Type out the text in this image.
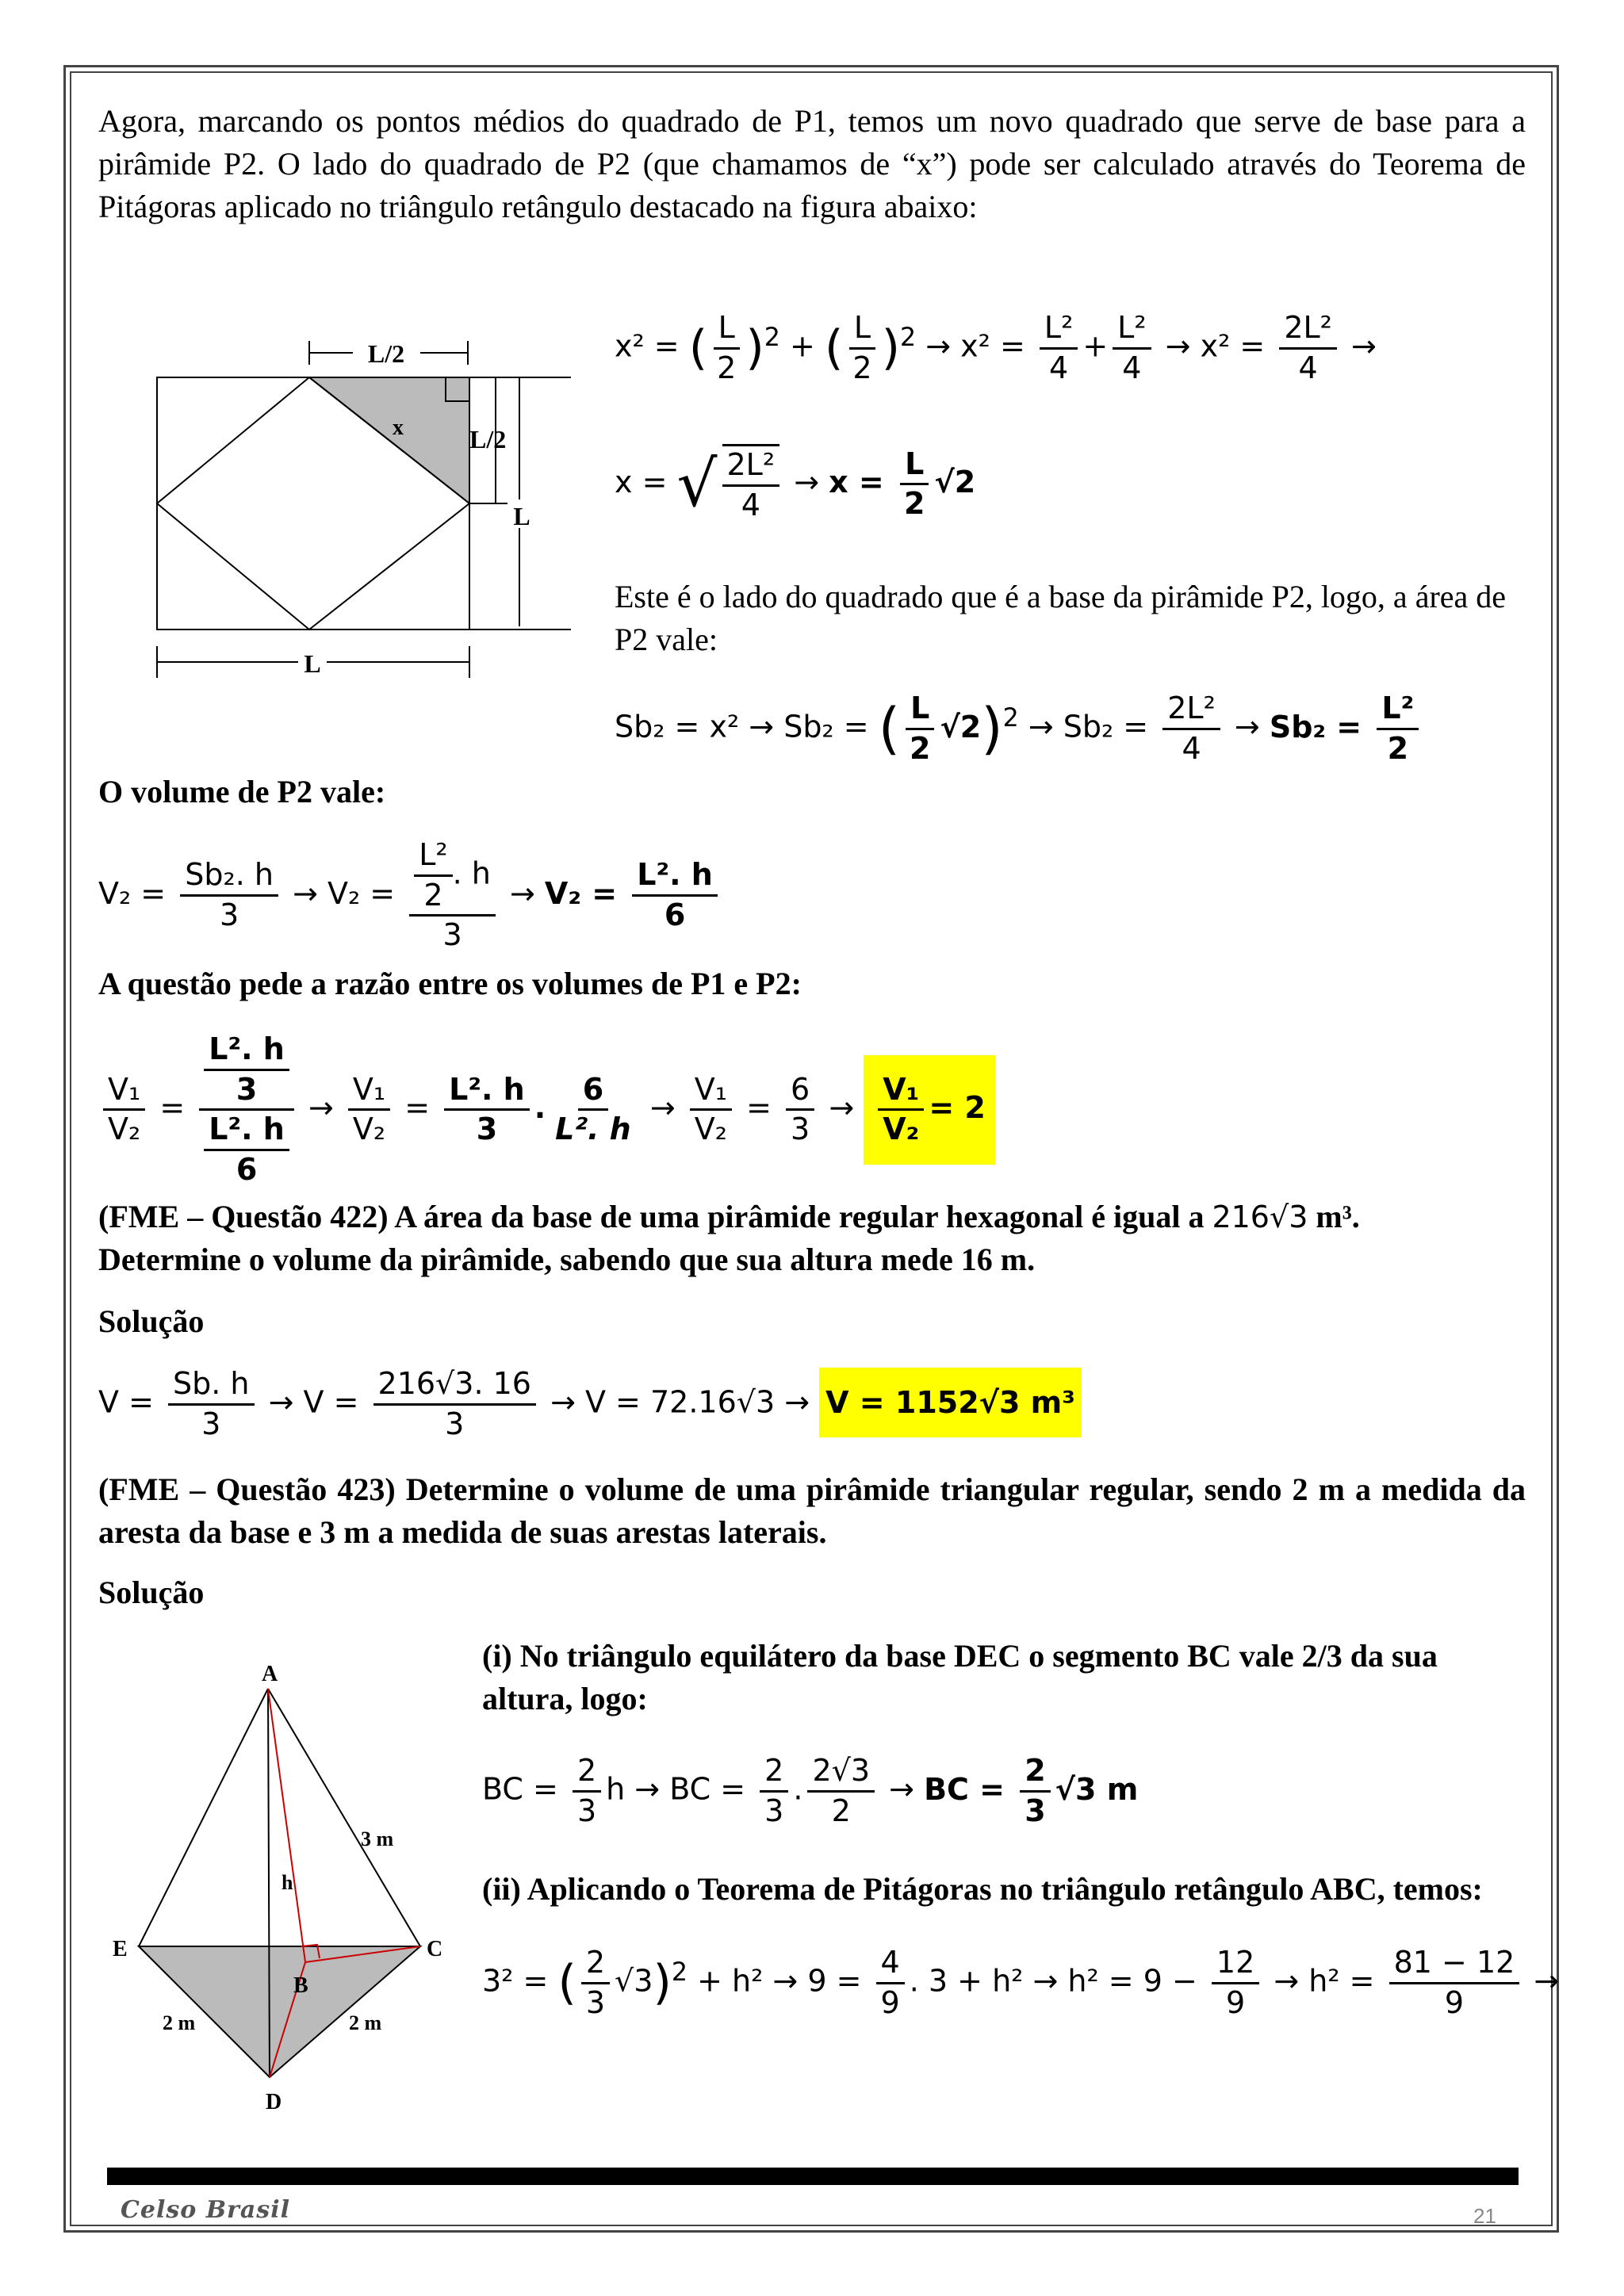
Agora, marcando os pontos médios do quadrado de P1, temos um novo quadrado que serve de base para a pirâmide P2. O lado do quadrado de P2 (que chamamos de “x”) pode ser calculado através do Teorema de Pitágoras aplicado no triângulo retângulo destacado na figura abaixo:
L/2
x	L/2
L
L
x² = ( $\frac{L}{2} )^2$ + ( $\frac{L}{2} )^2 \to x^2 = \frac{\text{L²}}{4} + \frac{\text{L²}}{4} \to x^2 = \frac{\text{2L²}}{4}$ →
x = √ $\frac{\text{2L²}}{4} \to x = \frac{L}{2} √2$
Este é o lado do quadrado que é a base da pirâmide P2, logo, a área de P2 vale:
Sb₂ = x² → Sb₂ = ( $\frac{L}{2} √2)^2 \to Sb_2 = \frac{\text{2L²}}{4} \to Sb_2 = \frac{\text{L²}}{2}$
O volume de P2 vale:
$V_2 = \frac{\text{Sb₂. h}}{3} \to V_2 = \frac{\frac{\text{L²}}{2} . h}{3} \to V_2 = \frac{\text{L². h}}{6}$
A questão pede a razão entre os volumes de P1 e P2:
$\frac{\text{V₁}}{\text{V₂}} = \frac{\frac{\text{L². h}}{3}}{\frac{\text{L². h}}{6}} \to \frac{\text{V₁}}{\text{V₂}} = \frac{\text{L². h}}{3}$ . $\frac{6}{\text{L². h}} \to \frac{\text{V₁}}{\text{V₂}} = \frac{6}{3} \to \frac{\text{V₁}}{\text{V₂}} = 2$
(FME – Questão 422) A área da base de uma pirâmide regular hexagonal é igual a 216√3 m³.
Determine o volume da pirâmide, sabendo que sua altura mede 16 m.
Solução
$V = \frac{Sb. h}{3} \to V = \frac{216√3. 16}{3} \to V = 72.16√3 \to V = 1152√3$ m³
(FME – Questão 423) Determine o volume de uma pirâmide triangular regular, sendo 2 m a medida da aresta da base e 3 m a medida de suas arestas laterais.
Solução
A
B
C
D
E
h
3 m
2 m	2 m
(i) No triângulo equilátero da base DEC o segmento BC vale 2/3 da sua altura, logo:
BC = $\frac{2}{3}$ h → BC = $\frac{2}{3}$ . $\frac{2√3}{2}$ → BC = $\frac{2}{3} √3$ m
(ii) Aplicando o Teorema de Pitágoras no triângulo retângulo ABC, temos:
3² = ( $\frac{2}{3} √3)^2 + h^2 \to 9 = \frac{4}{9}$ . $3 + h^2 \to h^2 = 9 - \frac{12}{9} \to h^2 = \frac{81 - 12}{9}$ →
Celso Brasil	21
